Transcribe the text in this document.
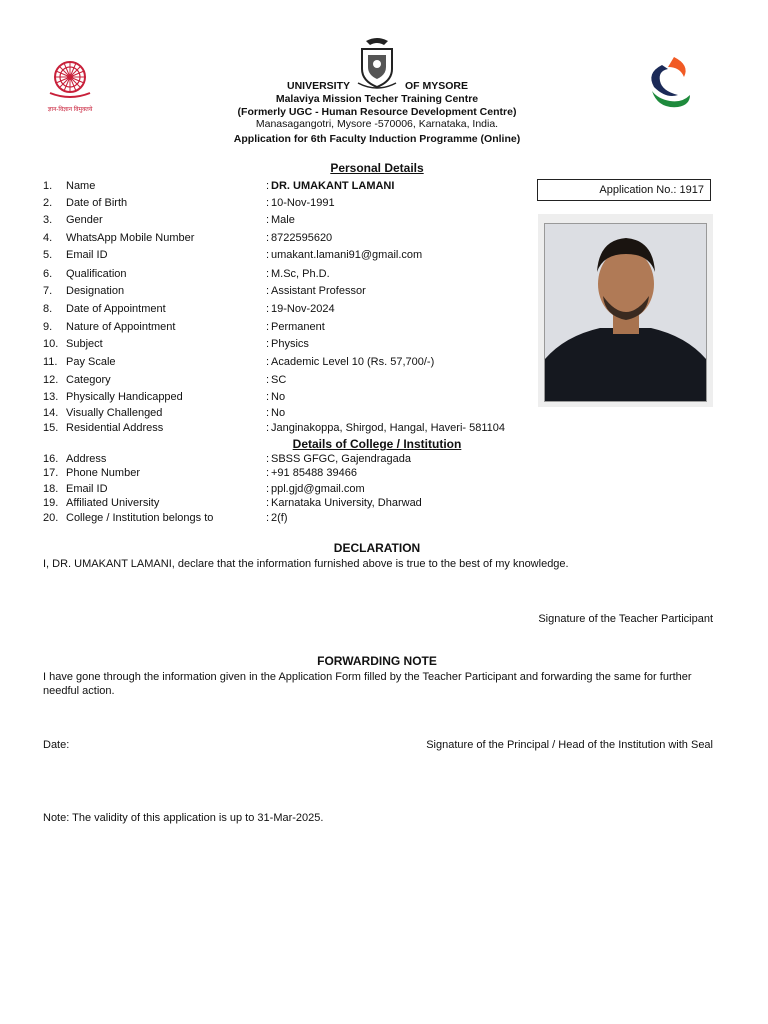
ज्ञान-विज्ञान विमुक्तये
UNIVERSITY	OF MYSORE
Malaviya Mission Techer Training Centre
(Formerly UGC - Human Resource Development Centre)
Manasagangotri, Mysore -570006, Karnataka, India.
Application for 6th Faculty Induction Programme (Online)
Personal Details
Application No.: 1917
1. Name	: DR. UMAKANT LAMANI
2. Date of Birth	: 10-Nov-1991
3. Gender	: Male
4. WhatsApp Mobile Number	: 8722595620
5. Email ID	: umakant.lamani91@gmail.com
6. Qualification	: M.Sc, Ph.D.
7. Designation	: Assistant Professor
8. Date of Appointment	: 19-Nov-2024
9. Nature of Appointment	: Permanent
10. Subject	: Physics
11. Pay Scale	: Academic Level 10 (Rs. 57,700/-)
12. Category	: SC
13. Physically Handicapped	: No
14. Visually Challenged	: No
15. Residential Address	: Janginakoppa, Shirgod, Hangal, Haveri- 581104
Details of College / Institution
16. Address	: SBSS GFGC, Gajendragada
17. Phone Number	: +91 85488 39466
18. Email ID	: ppl.gjd@gmail.com
19. Affiliated University	: Karnataka University, Dharwad
20. College / Institution belongs to	: 2(f)
DECLARATION
I, DR. UMAKANT LAMANI, declare that the information furnished above is true to the best of my knowledge.
Signature of the Teacher Participant
FORWARDING NOTE
I have gone through the information given in the Application Form filled by the Teacher Participant and forwarding the same for further needful action.
Date:	Signature of the Principal / Head of the Institution with Seal
Note: The validity of this application is up to 31-Mar-2025.
